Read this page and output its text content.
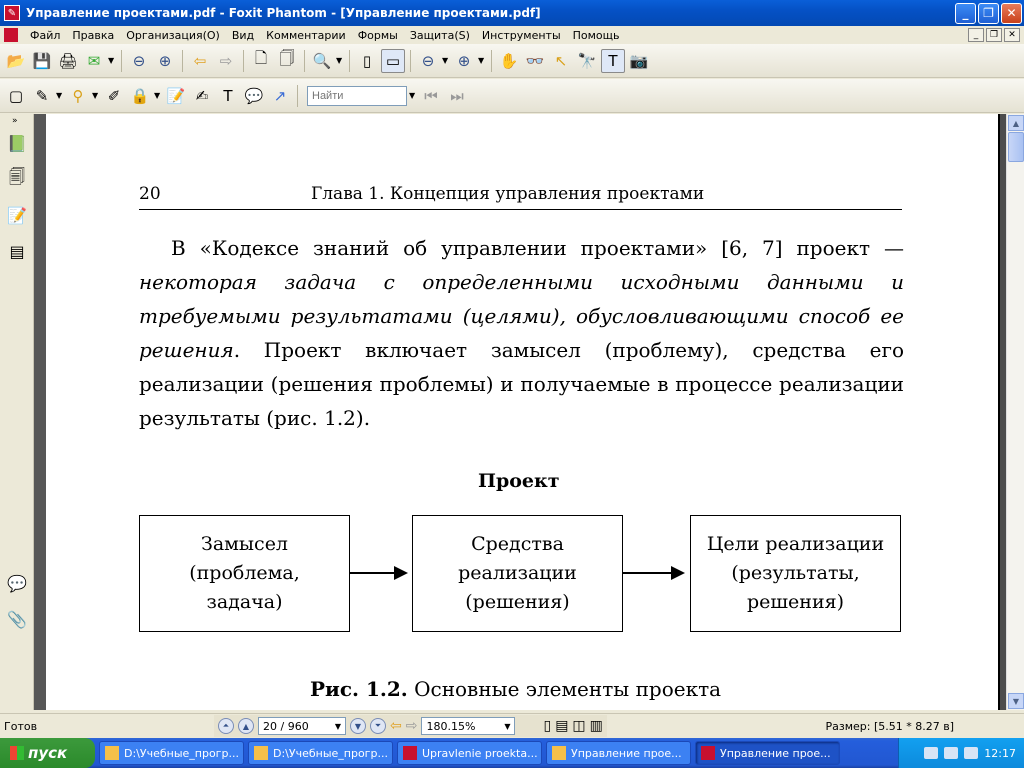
✎ Управление проектами.pdf - Foxit Phantom - [Управление проектами.pdf]	_	❐	✕
Файл	Правка	Организация(О)	Вид	Комментарии	Формы	Защита(S)	Инструменты	Помощь	_	❐	✕
📂 💾 🖨 ✉ ▼	⊖ ⊕	⇦ ⇨	🗋 🗍	🔍 ▼	▯ ▭	⊖ ▼ ⊕ ▼ ✋ 👓 ↖ 🔭 T 📷
▢ ✎ ▼ ⚲	▼ ✐ 🔒 ▼ 📝 ✍	T 💬 ↗
Найти	▼ ⏮ ⏭
»
📗
🗐
📝
▤
💬
📎
20	Глава 1. Концепция управления проектами
В «Кодексе знаний об управлении проектами» [6, 7] проект — некоторая задача с определенными исходными данными и требуемыми результатами (целями), обусловливающими способ ее решения. Проект включает замысел (проблему), средства его реализации (решения проблемы) и получаемые в процессе реализации результаты (рис. 1.2).
Проект
Замысел (проблема, задача)
Средства реализации (решения)
Цели реализации (результаты, решения)
Рис. 1.2. Основные элементы проекта
▲
▼
Готов	⏶	▲	20 / 960	▼	▼	⏷ ⇦ ⇨ 180.15%	▼ ▯ ▤ ◫ ▥	Размер: [5.51 * 8.27 в]
пуск	D:\Учебные_прогр...	D:\Учебные_прогр...	Upravlenie proekta...	Управление прое...	Управление прое...	12:17
